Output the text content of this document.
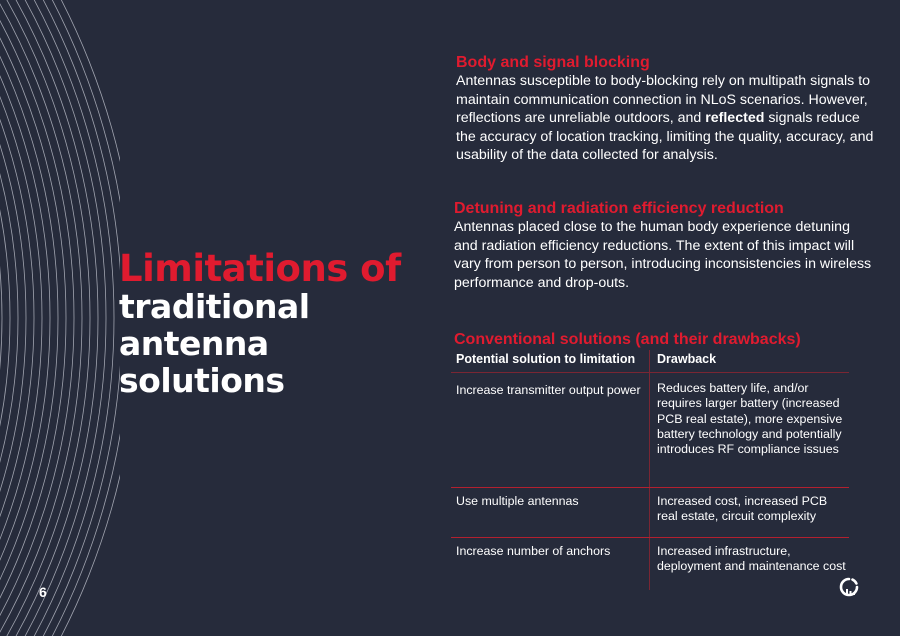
Limitations of
traditional
antenna
solutions
Body and signal blocking
Antennas susceptible to body-blocking rely on multipath signals to maintain communication connection in NLoS scenarios. However, reflections are unreliable outdoors, and reflected signals reduce the accuracy of location tracking, limiting the quality, accuracy, and usability of the data collected for analysis.
Detuning and radiation efficiency reduction
Antennas placed close to the human body experience detuning and radiation efficiency reductions. The extent of this impact will vary from person to person, introducing inconsistencies in wireless performance and drop-outs.
Conventional solutions (and their drawbacks)
Potential solution to limitation	Drawback
Increase transmitter output power	Reduces battery life, and/or requires larger battery (increased PCB real estate), more expensive battery technology and potentially introduces RF compliance issues
Use multiple antennas	Increased cost, increased PCB real estate, circuit complexity
Increase number of anchors	Increased infrastructure, deployment and maintenance cost
6
